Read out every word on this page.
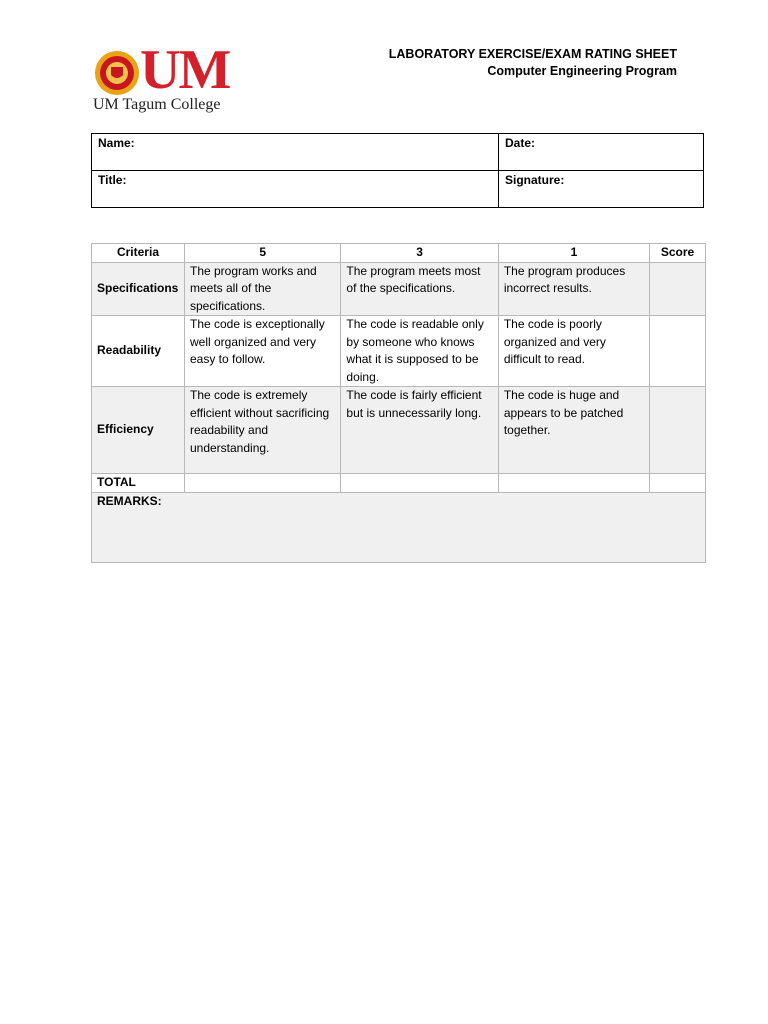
UM
UM Tagum College
LABORATORY EXERCISE/EXAM RATING SHEET
Computer Engineering Program
Name:	Date:
Title:	Signature:
Criteria	5	3	1	Score
Specifications	The program works and meets all of the specifications.	The program meets most of the specifications.	The program produces incorrect results.	
Readability	The code is exceptionally well organized and very easy to follow.	The code is readable only by someone who knows what it is supposed to be doing.	The code is poorly organized and very difficult to read.	
Efficiency	The code is extremely efficient without sacrificing readability and understanding.	The code is fairly efficient but is unnecessarily long.	The code is huge and appears to be patched together.	
TOTAL				
REMARKS:				
